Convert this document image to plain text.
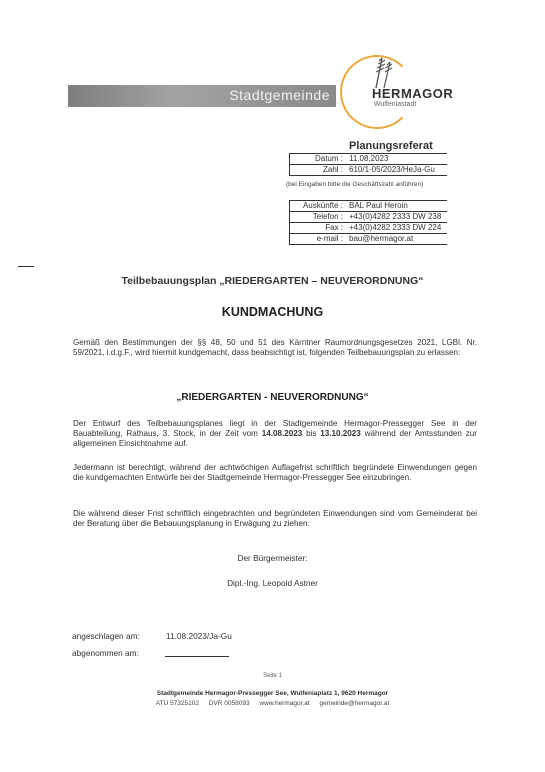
Stadtgemeinde	HERMAGOR
Wulfeniastadt
Planungsreferat
Datum :	11.08.2023
Zahl :	610/1-05/2023/HeJa-Gu
(bei Eingaben bitte die Geschäftszahl anführen)
Auskünfte :	BAL Paul Heroin
Telefon :	+43(0)4282 2333 DW 238
Fax :	+43(0)4282 2333 DW 224
e-mail :	bau@hermagor.at
Teilbebauungsplan „RIEDERGARTEN – NEUVERORDNUNG“
KUNDMACHUNG
Gemäß den Bestimmungen der §§ 48, 50 und 51 des Kärntner Raumordnungsgesetzes 2021, LGBl. Nr. 59/2021, i.d.g.F., wird hiermit kundgemacht, dass beabsichtigt ist, folgenden Teilbebauungsplan zu erlassen:
„RIEDERGARTEN - NEUVERORDNUNG“
Der Entwurf des Teilbebauungsplanes liegt in der Stadtgemeinde Hermagor-Pressegger See in der Bauabteilung, Rathaus, 3. Stock, in der Zeit vom 14.08.2023 bis 13.10.2023 während der Amtsstunden zur allgemeinen Einsichtnahme auf.
Jedermann ist berechtigt, während der achtwöchigen Auflagefrist schriftlich begründete Einwendungen gegen die kundgemachten Entwürfe bei der Stadtgemeinde Hermagor-Pressegger See einzubringen.
Die während dieser Frist schriftlich eingebrachten und begründeten Einwendungen sind vom Gemeinderat bei der Beratung über die Bebauungsplanung in Erwägung zu ziehen.
Der Bürgermeister:
Dipl.-Ing. Leopold Astner
angeschlagen am:	11.08.2023/Ja-Gu
abgenommen am:
Seite 1
Stadtgemeinde Hermagor-Pressegger See, Wulfeniaplatz 1, 9620 Hermagor
ATU 57325102 DVR 0058093 www.hermagor.at gemeinde@hermagor.at
